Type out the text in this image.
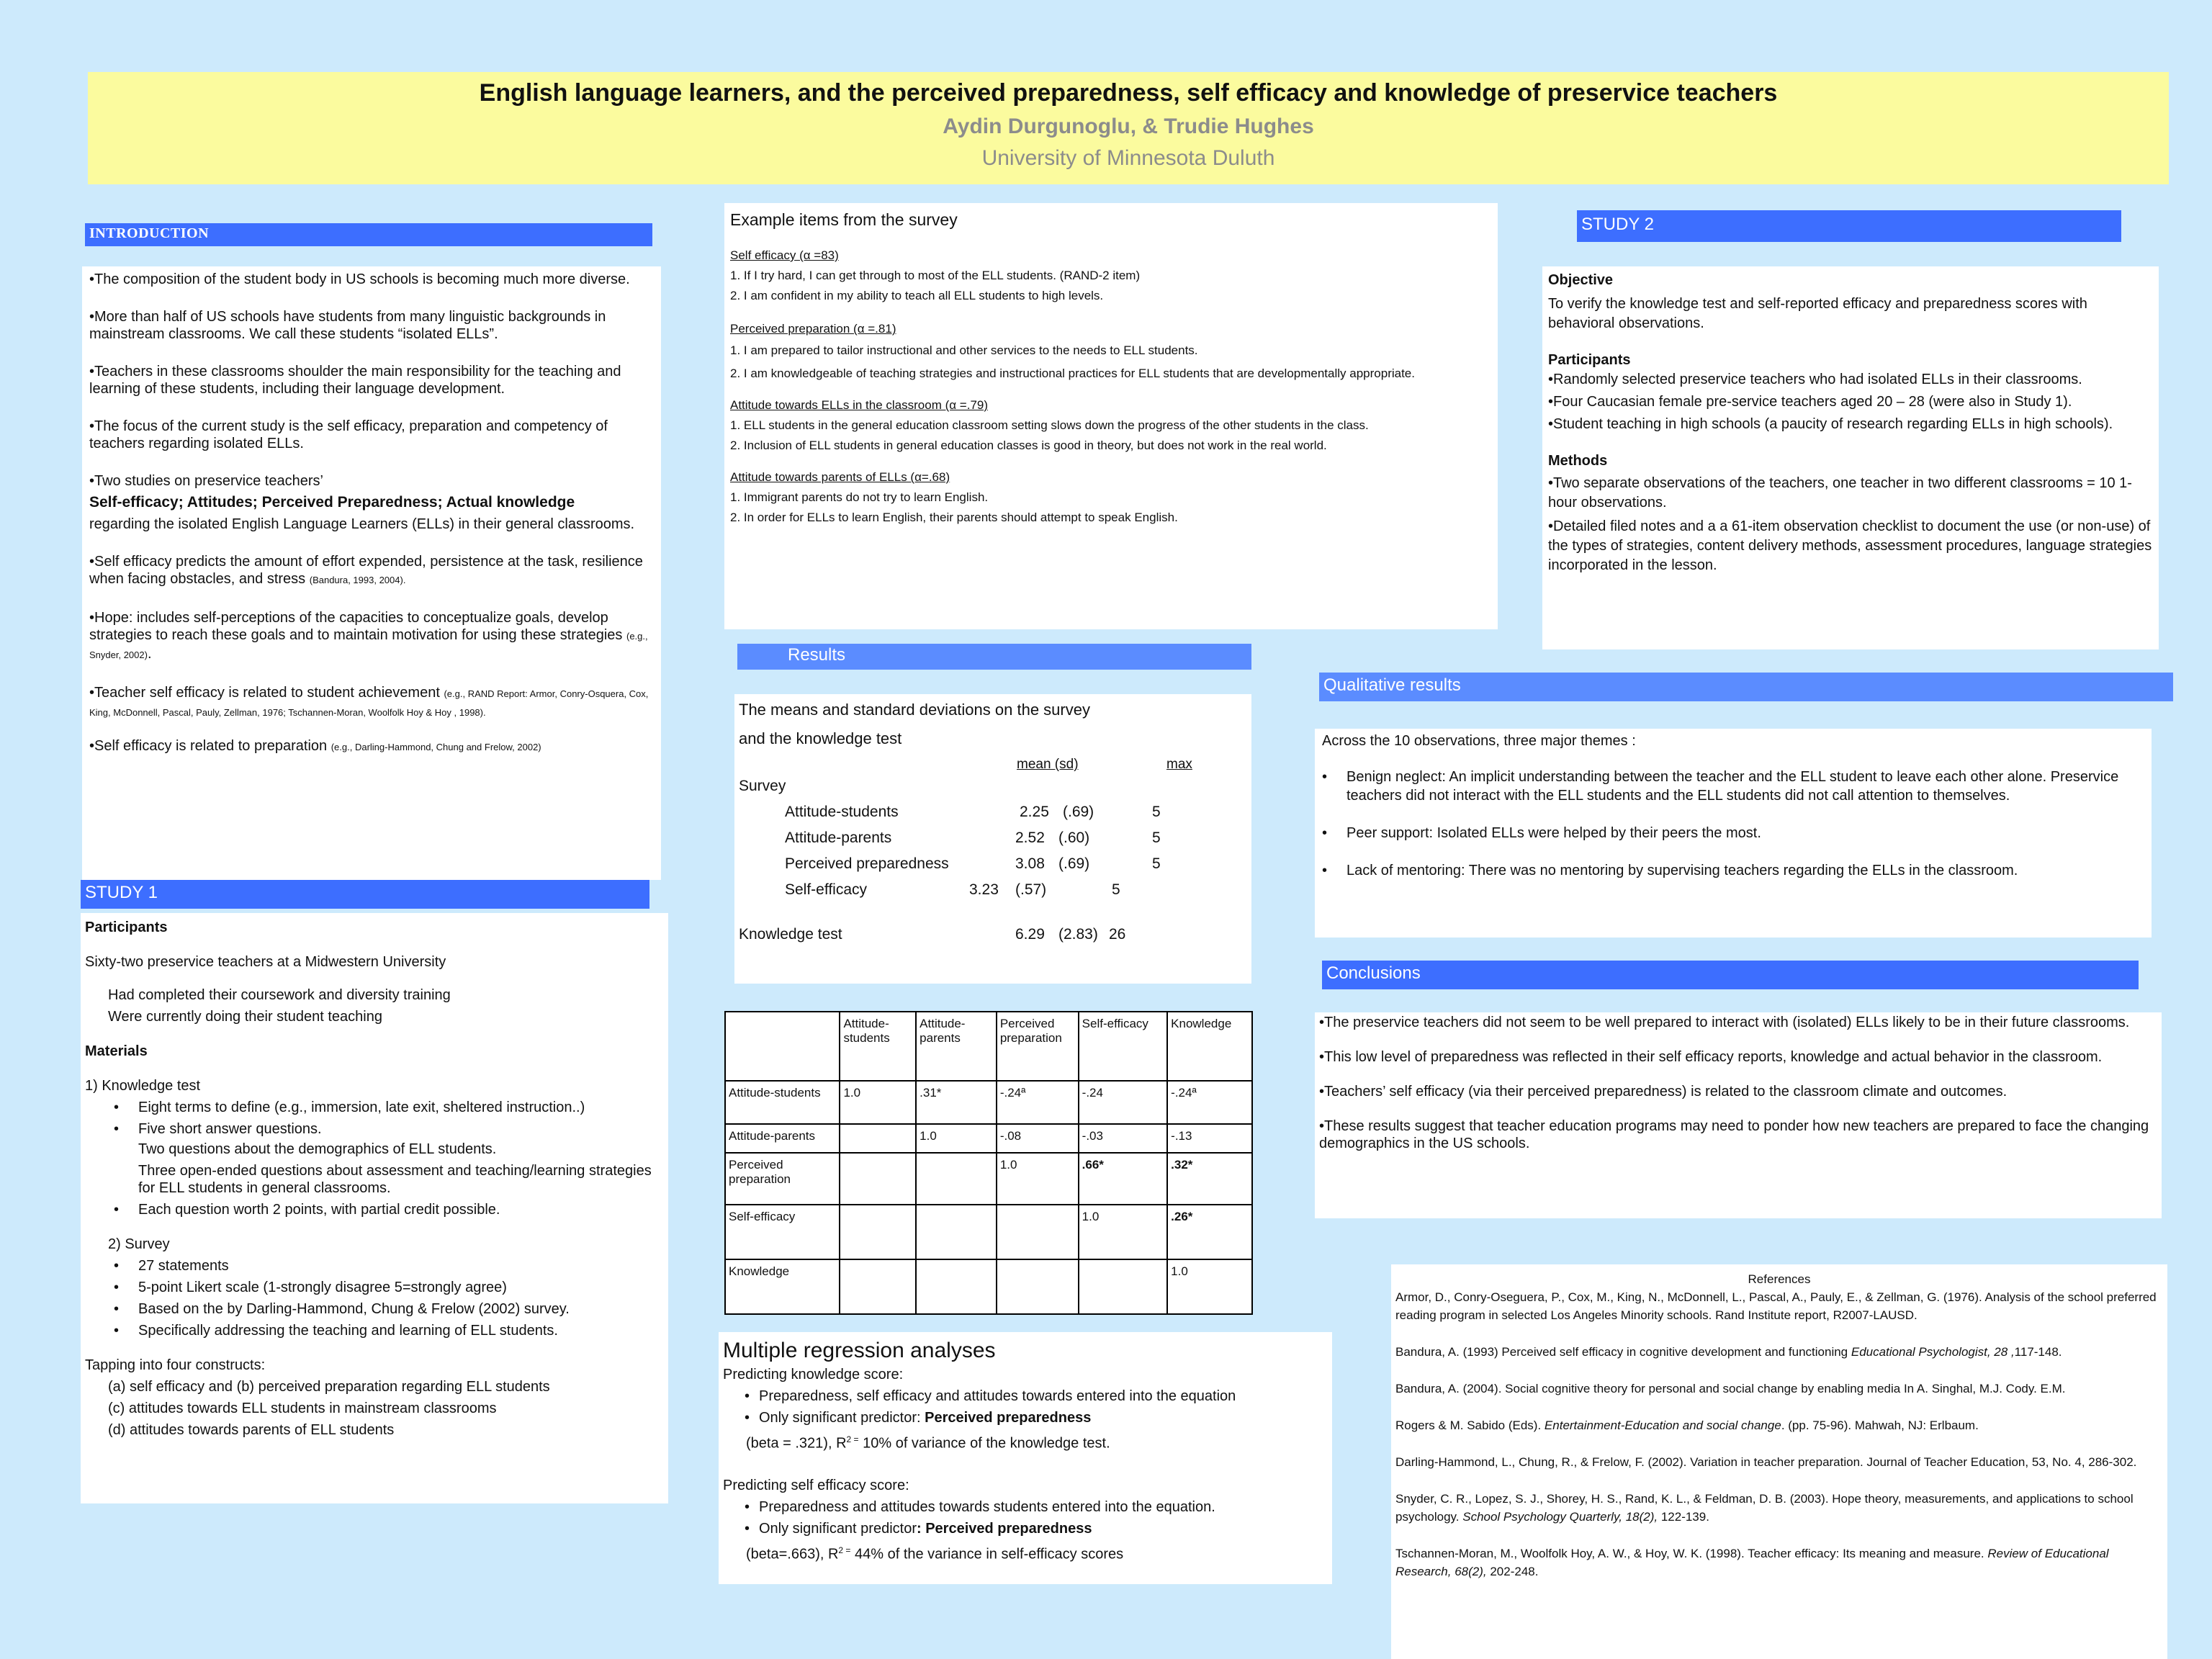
English language learners, and the perceived preparedness, self efficacy and knowledge of preservice teachers
Aydin Durgunoglu, & Trudie Hughes
University of Minnesota Duluth
INTRODUCTION

•The composition of the student body in US schools is becoming much more diverse.

•More than half of US schools have students from many linguistic backgrounds in mainstream classrooms. We call these students “isolated ELLs”.

•Teachers in these classrooms shoulder the main responsibility for the teaching and learning of these students, including their language development.

•The focus of the current study is the self efficacy, preparation and competency of teachers regarding isolated ELLs.

•Two studies on preservice teachers’

Self-efficacy; Attitudes; Perceived Preparedness; Actual knowledge

regarding the isolated English Language Learners (ELLs) in their general classrooms.

•Self efficacy predicts the amount of effort expended, persistence at the task, resilience when facing obstacles, and stress (Bandura, 1993, 2004).

•Hope: includes self-perceptions of the capacities to conceptualize goals, develop strategies to reach these goals and to maintain motivation for using these strategies (e.g., Snyder, 2002).

•Teacher self efficacy is related to student achievement (e.g., RAND Report: Armor, Conry-Osquera, Cox, King, McDonnell, Pascal, Pauly, Zellman, 1976; Tschannen-Moran, Woolfolk Hoy & Hoy , 1998).

•Self efficacy is related to preparation (e.g., Darling-Hammond, Chung and Frelow, 2002)

STUDY 1

Participants

Sixty-two preservice teachers at a Midwestern University

Had completed their coursework and diversity training

Were currently doing their student teaching

Materials

1) Knowledge test

• Eight terms to define (e.g., immersion, late exit, sheltered instruction..)
• Five short answer questions.

Two questions about the demographics of ELL students.

Three open-ended questions about assessment and teaching/learning strategies for ELL students in general classrooms.

• Each question worth 2 points, with partial credit possible.

2) Survey

• 27 statements
• 5-point Likert scale (1-strongly disagree 5=strongly agree)
• Based on the by Darling-Hammond, Chung & Frelow (2002) survey.
• Specifically addressing the teaching and learning of ELL students.

Tapping into four constructs:

(a) self efficacy and (b) perceived preparation regarding ELL students

(c) attitudes towards ELL students in mainstream classrooms

(d) attitudes towards parents of ELL students

Example items from the survey

Self efficacy (α =83)

1. If I try hard, I can get through to most of the ELL students. (RAND-2 item)

2. I am confident in my ability to teach all ELL students to high levels.

Perceived preparation (α =.81)

1. I am prepared to tailor instructional and other services to the needs to ELL students.

2. I am knowledgeable of teaching strategies and instructional practices for ELL students that are developmentally appropriate.

Attitude towards ELLs in the classroom (α =.79)

1. ELL students in the general education classroom setting slows down the progress of the other students in the class.

2. Inclusion of ELL students in general education classes is good in theory, but does not work in the real world.

Attitude towards parents of ELLs (α=.68)

1. Immigrant parents do not try to learn English.

2. In order for ELLs to learn English, their parents should attempt to speak English.

Results

The means and standard deviations on the survey

and the knowledge test

mean (sd)	max
Survey
Attitude-students	2.25 (.69)	5
Attitude-parents	2.52 (.60)	5
Perceived preparedness	3.08 (.69)	5
Self-efficacy	3.23 (.57)	5
Knowledge test	6.29 (2.83) 26
	Attitude-students	Attitude-parents	Perceived preparation	Self-efficacy	Knowledge
Attitude-students	1.0	.31*	-.24ª	-.24	-.24ª
Attitude-parents		1.0	-.08	-.03	-.13
Perceived preparation			1.0	.66*	.32*
Self-efficacy				1.0	.26*
Knowledge					1.0

Multiple regression analyses

Predicting knowledge score:

• Preparedness, self efficacy and attitudes towards entered into the equation

• Only significant predictor: Perceived preparedness

(beta = .321), $R^{2 =}$ 10% of variance of the knowledge test.

Predicting self efficacy score:

• Preparedness and attitudes towards students entered into the equation.

• Only significant predictor: Perceived preparedness

(beta=.663), $R^{2 =}$ 44% of the variance in self-efficacy scores

STUDY 2

Objective

To verify the knowledge test and self-reported efficacy and preparedness scores with behavioral observations.

Participants

•Randomly selected preservice teachers who had isolated ELLs in their classrooms.

•Four Caucasian female pre-service teachers aged 20 – 28 (were also in Study 1).

•Student teaching in high schools (a paucity of research regarding ELLs in high schools).

Methods

•Two separate observations of the teachers, one teacher in two different classrooms = 10 1-hour observations.

•Detailed filed notes and a a 61-item observation checklist to document the use (or non-use) of the types of strategies, content delivery methods, assessment procedures, language strategies incorporated in the lesson.

Qualitative results

Across the 10 observations, three major themes :

• Benign neglect: An implicit understanding between the teacher and the ELL student to leave each other alone. Preservice teachers did not interact with the ELL students and the ELL students did not call attention to themselves.

• Peer support: Isolated ELLs were helped by their peers the most.

• Lack of mentoring: There was no mentoring by supervising teachers regarding the ELLs in the classroom.

Conclusions

•The preservice teachers did not seem to be well prepared to interact with (isolated) ELLs likely to be in their future classrooms.

•This low level of preparedness was reflected in their self efficacy reports, knowledge and actual behavior in the classroom.

•Teachers’ self efficacy (via their perceived preparedness) is related to the classroom climate and outcomes.

•These results suggest that teacher education programs may need to ponder how new teachers are prepared to face the changing demographics in the US schools.

References

Armor, D., Conry-Oseguera, P., Cox, M., King, N., McDonnell, L., Pascal, A., Pauly, E., & Zellman, G. (1976). Analysis of the school preferred reading program in selected Los Angeles Minority schools. Rand Institute report, R2007-LAUSD.

Bandura, A. (1993) Perceived self efficacy in cognitive development and functioning Educational Psychologist, 28 ,117-148.

Bandura, A. (2004). Social cognitive theory for personal and social change by enabling media In A. Singhal, M.J. Cody. E.M.

Rogers & M. Sabido (Eds). Entertainment-Education and social change. (pp. 75-96). Mahwah, NJ: Erlbaum.

Darling-Hammond, L., Chung, R., & Frelow, F. (2002). Variation in teacher preparation. Journal of Teacher Education, 53, No. 4, 286-302.

Snyder, C. R., Lopez, S. J., Shorey, H. S., Rand, K. L., & Feldman, D. B. (2003). Hope theory, measurements, and applications to school psychology. School Psychology Quarterly, 18(2), 122-139.

Tschannen-Moran, M., Woolfolk Hoy, A. W., & Hoy, W. K. (1998). Teacher efficacy: Its meaning and measure. Review of Educational Research, 68(2), 202-248.
